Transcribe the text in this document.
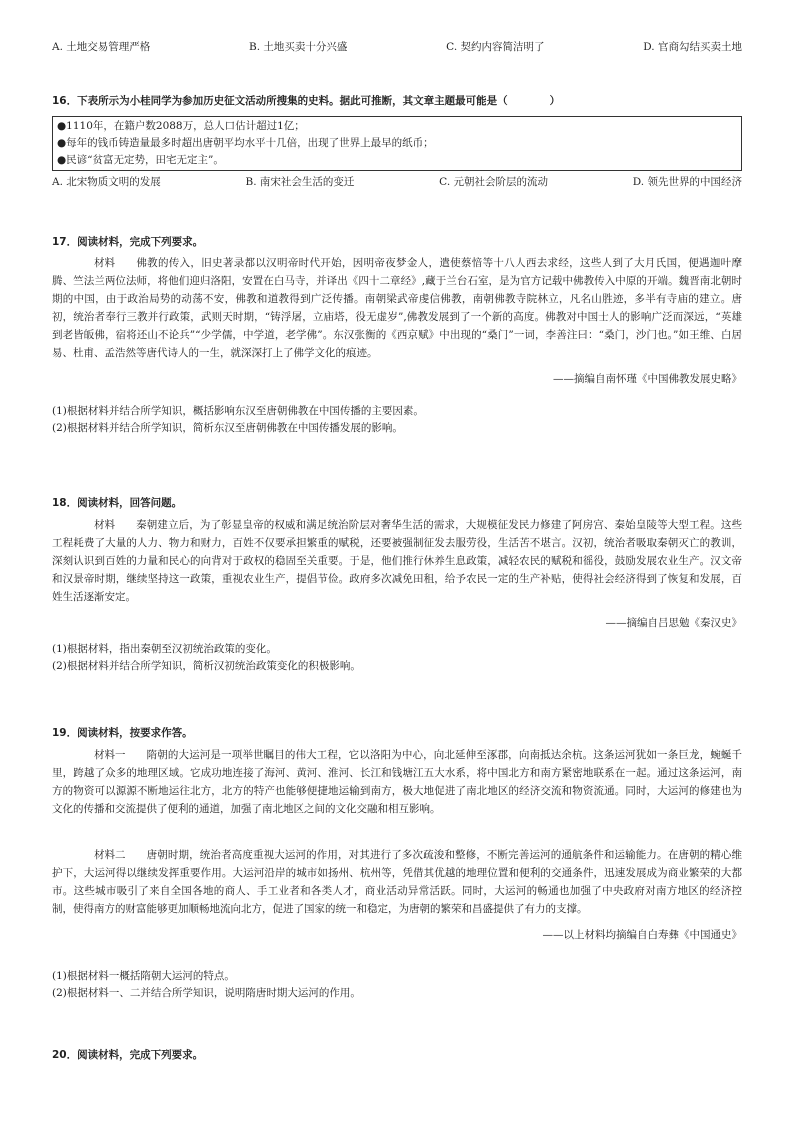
A. 土地交易管理严格	B. 土地买卖十分兴盛	C. 契约内容简洁明了	D. 官商勾结买卖土地
16．下表所示为小桂同学为参加历史征文活动所搜集的史料。据此可推断，其文章主题最可能是（　　　　）
●1110年，在籍户数2088万，总人口估计超过1亿；
●每年的钱币铸造量最多时超出唐朝平均水平十几倍，出现了世界上最早的纸币；
●民谚“贫富无定势，田宅无定主”。
A. 北宋物质文明的发展	B. 南宋社会生活的变迁	C. 元朝社会阶层的流动	D. 领先世界的中国经济
17．阅读材料，完成下列要求。

材料 佛教的传入，旧史著录都以汉明帝时代开始，因明帝夜梦金人，遣使蔡愔等十八人西去求经，这些人到了大月氏国，便遇迦叶摩腾、竺法兰两位法师，将他们迎归洛阳，安置在白马寺，并译出《四十二章经》,藏于兰台石室，是为官方记载中佛教传入中原的开端。魏晋南北朝时期的中国，由于政治局势的动荡不安，佛教和道教得到广泛传播。南朝梁武帝虔信佛教，南朝佛教寺院林立，凡名山胜迹，多半有寺庙的建立。唐初，统治者奉行三教并行政策，武则天时期，“铸浮屠，立庙塔，役无虚岁”,佛教发展到了一个新的高度。佛教对中国士人的影响广泛而深远，“英雄到老皆皈佛，宿将还山不论兵”“少学儒，中学道，老学佛”。东汉张衡的《西京赋》中出现的“桑门”一词，李善注曰：“桑门，沙门也。”如王维、白居易、杜甫、孟浩然等唐代诗人的一生，就深深打上了佛学文化的痕迹。

——摘编自南怀瑾《中国佛教发展史略》
(1)根据材料并结合所学知识，概括影响东汉至唐朝佛教在中国传播的主要因素。
(2)根据材料并结合所学知识，简析东汉至唐朝佛教在中国传播发展的影响。
18．阅读材料，回答问题。

材料 秦朝建立后，为了彰显皇帝的权威和满足统治阶层对奢华生活的需求，大规模征发民力修建了阿房宫、秦始皇陵等大型工程。这些工程耗费了大量的人力、物力和财力，百姓不仅要承担繁重的赋税，还要被强制征发去服劳役，生活苦不堪言。汉初，统治者吸取秦朝灭亡的教训，深刻认识到百姓的力量和民心的向背对于政权的稳固至关重要。于是，他们推行休养生息政策，减轻农民的赋税和徭役，鼓励发展农业生产。汉文帝和汉景帝时期，继续坚持这一政策，重视农业生产，提倡节俭。政府多次减免田租，给予农民一定的生产补贴，使得社会经济得到了恢复和发展，百姓生活逐渐安定。

——摘编自吕思勉《秦汉史》
(1)根据材料，指出秦朝至汉初统治政策的变化。
(2)根据材料并结合所学知识，简析汉初统治政策变化的积极影响。
19．阅读材料，按要求作答。

材料一 隋朝的大运河是一项举世瞩目的伟大工程，它以洛阳为中心，向北延伸至涿郡，向南抵达余杭。这条运河犹如一条巨龙，蜿蜒千里，跨越了众多的地理区域。它成功地连接了海河、黄河、淮河、长江和钱塘江五大水系，将中国北方和南方紧密地联系在一起。通过这条运河，南方的物资可以源源不断地运往北方，北方的特产也能够便捷地运输到南方，极大地促进了南北地区的经济交流和物资流通。同时，大运河的修建也为文化的传播和交流提供了便利的通道，加强了南北地区之间的文化交融和相互影响。

材料二 唐朝时期，统治者高度重视大运河的作用，对其进行了多次疏浚和整修，不断完善运河的通航条件和运输能力。在唐朝的精心维护下，大运河得以继续发挥重要作用。大运河沿岸的城市如扬州、杭州等，凭借其优越的地理位置和便利的交通条件，迅速发展成为商业繁荣的大都市。这些城市吸引了来自全国各地的商人、手工业者和各类人才，商业活动异常活跃。同时，大运河的畅通也加强了中央政府对南方地区的经济控制，使得南方的财富能够更加顺畅地流向北方，促进了国家的统一和稳定，为唐朝的繁荣和昌盛提供了有力的支撑。

——以上材料均摘编自白寿彝《中国通史》
(1)根据材料一概括隋朝大运河的特点。
(2)根据材料一、二并结合所学知识，说明隋唐时期大运河的作用。
20．阅读材料，完成下列要求。
